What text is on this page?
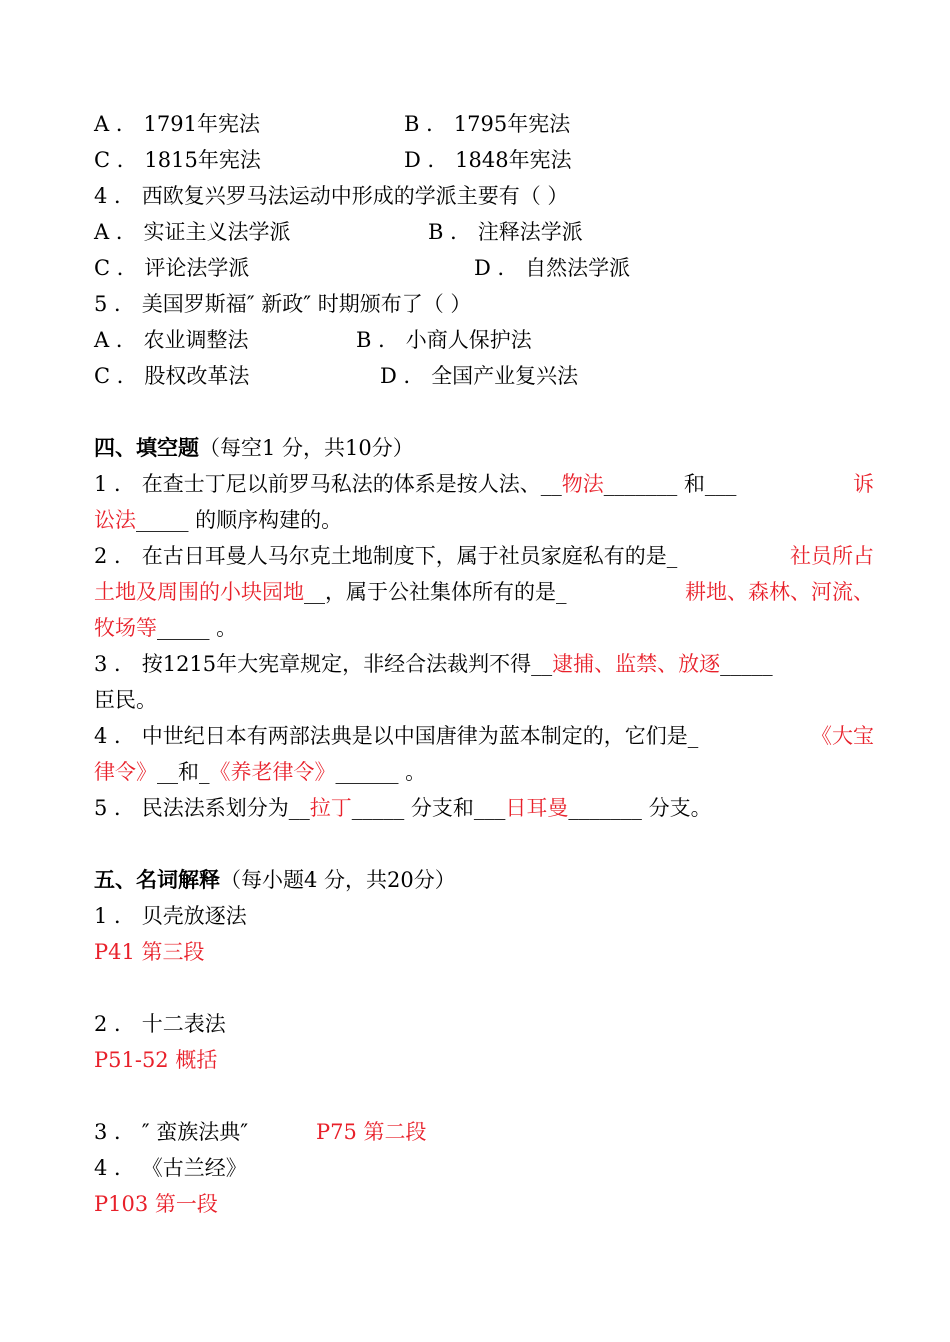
A ． 1791年宪法	B ． 1795年宪法
C ． 1815年宪法	D ． 1848年宪法
4 ． 西欧复兴罗马法运动中形成的学派主要有（ ）
A ． 实证主义法学派	B ． 注释法学派
C ． 评论法学派	D ． 自然法学派
5 ． 美国罗斯福″ 新政″ 时期颁布了（ ）
A ． 农业调整法	B ． 小商人保护法
C ． 股权改革法	D ． 全国产业复兴法
四、填空题（每空1 分，共10分）
1 ． 在查士丁尼以前罗马私法的体系是按人法、__物法_______ 和___	诉
讼法_____ 的顺序构建的。
2 ． 在古日耳曼人马尔克土地制度下，属于社员家庭私有的是_	社员所占
土地及周围的小块园地__，属于公社集体所有的是_	耕地、森林、河流、
牧场等_____ 。
3 ． 按1215年大宪章规定，非经合法裁判不得__逮捕、监禁、放逐_____
臣民。
4 ． 中世纪日本有两部法典是以中国唐律为蓝本制定的，它们是_	《大宝
律令》__和_《养老律令》______ 。
5 ． 民法法系划分为__拉丁_____ 分支和___日耳曼_______ 分支。
五、名词解释（每小题4 分，共20分）
1 ． 贝壳放逐法
P41 第三段
2 ． 十二表法
P51-52 概括
3 ． ″ 蛮族法典″	P75 第二段
4 ． 《古兰经》
P103 第一段
